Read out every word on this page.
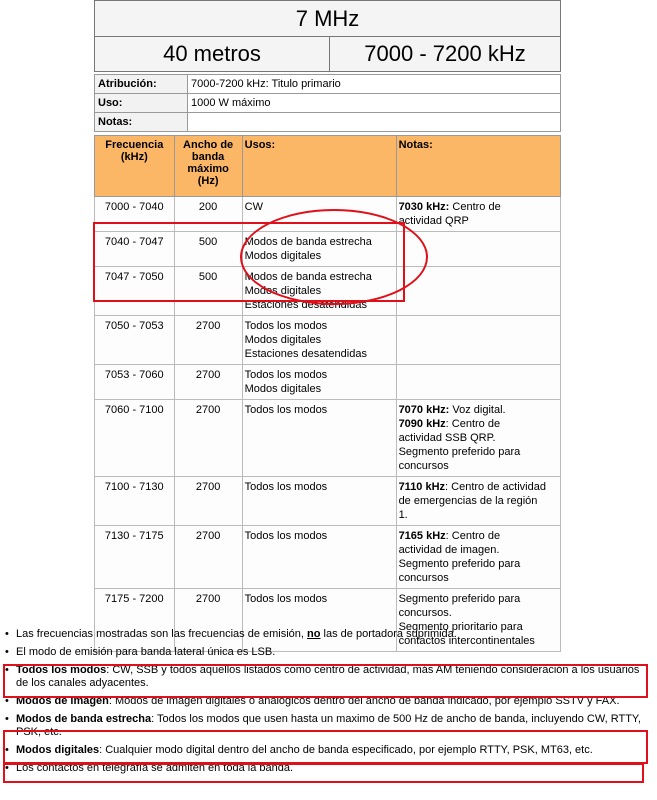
7 MHz
40 metros	7000 - 7200 kHz
Atribución:	7000-7200 kHz: Titulo primario
Uso:	1000 W máximo
Notas:	
Frecuencia
(kHz)	Ancho de
banda
máximo
(Hz)	Usos:	Notas:
7000 - 7040	200	CW	7030 kHz: Centro de
actividad QRP

7040 - 7047	500	Modos de banda estrecha
Modos digitales	

7047 - 7050	500	Modos de banda estrecha
Modos digitales
Estaciones desatendidas	

7050 - 7053	2700	Todos los modos
Modos digitales
Estaciones desatendidas	

7053 - 7060	2700	Todos los modos
Modos digitales	

7060 - 7100	2700	Todos los modos	7070 kHz: Voz digital.
7090 kHz: Centro de
actividad SSB QRP.
Segmento preferido para
concursos

7100 - 7130	2700	Todos los modos	7110 kHz: Centro de actividad
de emergencias de la región
1.

7130 - 7175	2700	Todos los modos	7165 kHz: Centro de
actividad de imagen.
Segmento preferido para
concursos

7175 - 7200	2700	Todos los modos	Segmento preferido para
concursos.
Segmento prioritario para
contactos intercontinentales
• Las frecuencias mostradas son las frecuencias de emisión, no las de portadora suprimida.
• El modo de emisión para banda lateral única es LSB.
• Todos los modos: CW, SSB y todos aquellos listados como centro de actividad, más AM teniendo consideración a los usuarios de los canales adyacentes.
• Modos de imagen: Modos de imagen digitales o analógicos dentro del ancho de banda indicado, por ejemplo SSTV y FAX.
• Modos de banda estrecha: Todos los modos que usen hasta un maximo de 500 Hz de ancho de banda, incluyendo CW, RTTY, PSK, etc.
• Modos digitales: Cualquier modo digital dentro del ancho de banda especificado, por ejemplo RTTY, PSK, MT63, etc.
• Los contactos en telegrafía se admiten en toda la banda.
